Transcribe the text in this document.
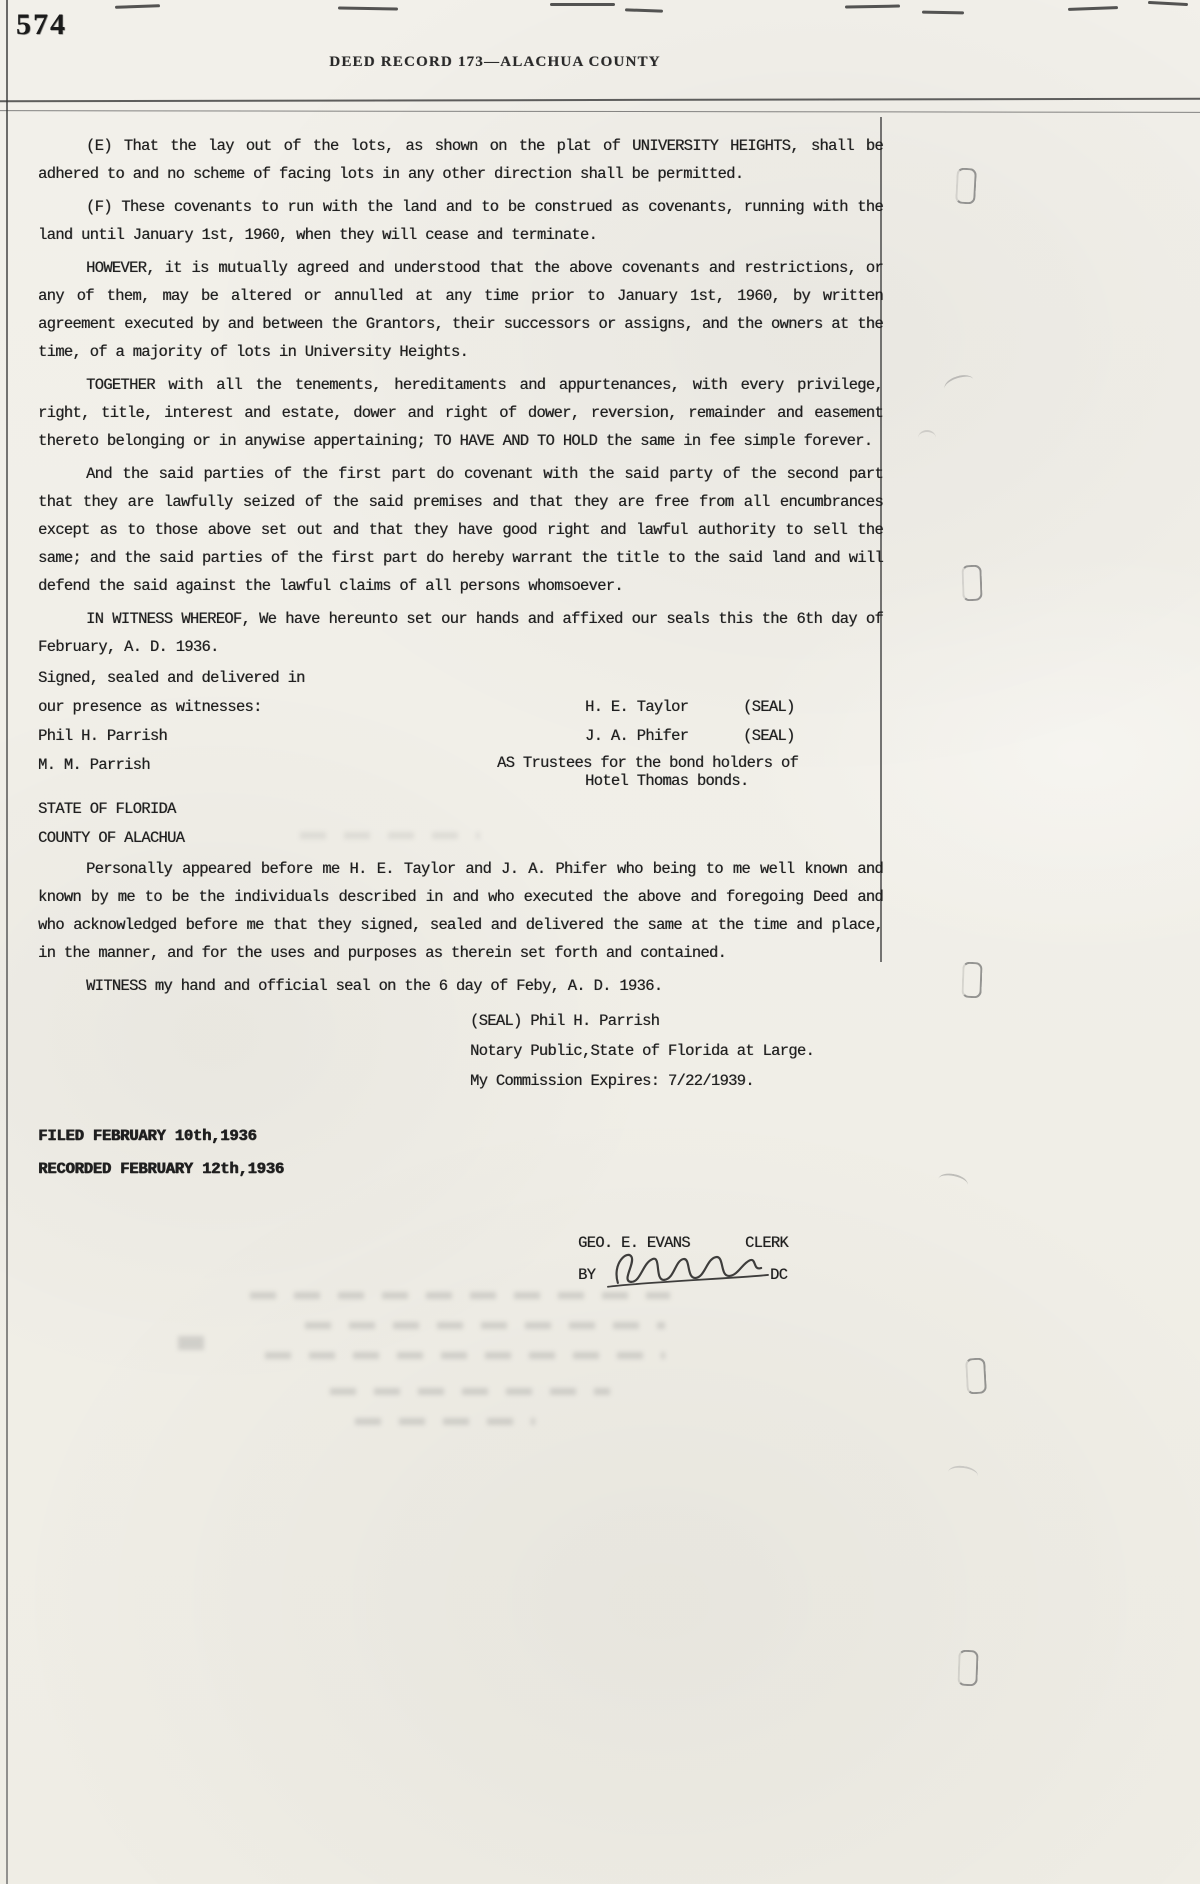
574
DEED RECORD 173—ALACHUA COUNTY

(E) That the lay out of the lots, as shown on the plat of UNIVERSITY HEIGHTS, shall be adhered to and no scheme of facing lots in any other direction shall be permitted.

(F) These covenants to run with the land and to be construed as covenants, running with the land until January 1st, 1960, when they will cease and terminate.

HOWEVER, it is mutually agreed and understood that the above covenants and restrictions, or any of them, may be altered or annulled at any time prior to January 1st, 1960, by written agreement executed by and between the Grantors, their successors or assigns, and the owners at the time, of a majority of lots in University Heights.

TOGETHER with all the tenements, hereditaments and appurtenances, with every privilege, right, title, interest and estate, dower and right of dower, reversion, remainder and easement thereto belonging or in anywise appertaining; TO HAVE AND TO HOLD the same in fee simple forever.

And the said parties of the first part do covenant with the said party of the second part that they are lawfully seized of the said premises and that they are free from all encumbrances except as to those above set out and that they have good right and lawful authority to sell the same; and the said parties of the first part do hereby warrant the title to the said land and will defend the said against the lawful claims of all persons whomsoever.

IN WITNESS WHEREOF, We have hereunto set our hands and affixed our seals this the 6th day of February, A. D. 1936.

Signed, sealed and delivered in
our presence as witnesses:	H. E. Taylor	(SEAL)
Phil H. Parrish	J. A. Phifer	(SEAL)
M. M. Parrish	AS Trustees for the bond holders of
Hotel Thomas bonds.
STATE OF FLORIDA
COUNTY OF ALACHUA

Personally appeared before me H. E. Taylor and J. A. Phifer who being to me well known and known by me to be the individuals described in and who executed the above and foregoing Deed and who acknowledged before me that they signed, sealed and delivered the same at the time and place, in the manner, and for the uses and purposes as therein set forth and contained.

WITNESS my hand and official seal on the 6 day of Feby, A. D. 1936.

(SEAL) Phil H. Parrish
Notary Public,State of Florida at Large.
My Commission Expires: 7/22/1939.
FILED FEBRUARY 10th,1936
RECORDED FEBRUARY 12th,1936
GEO. E. EVANS	CLERK
BY	DC
